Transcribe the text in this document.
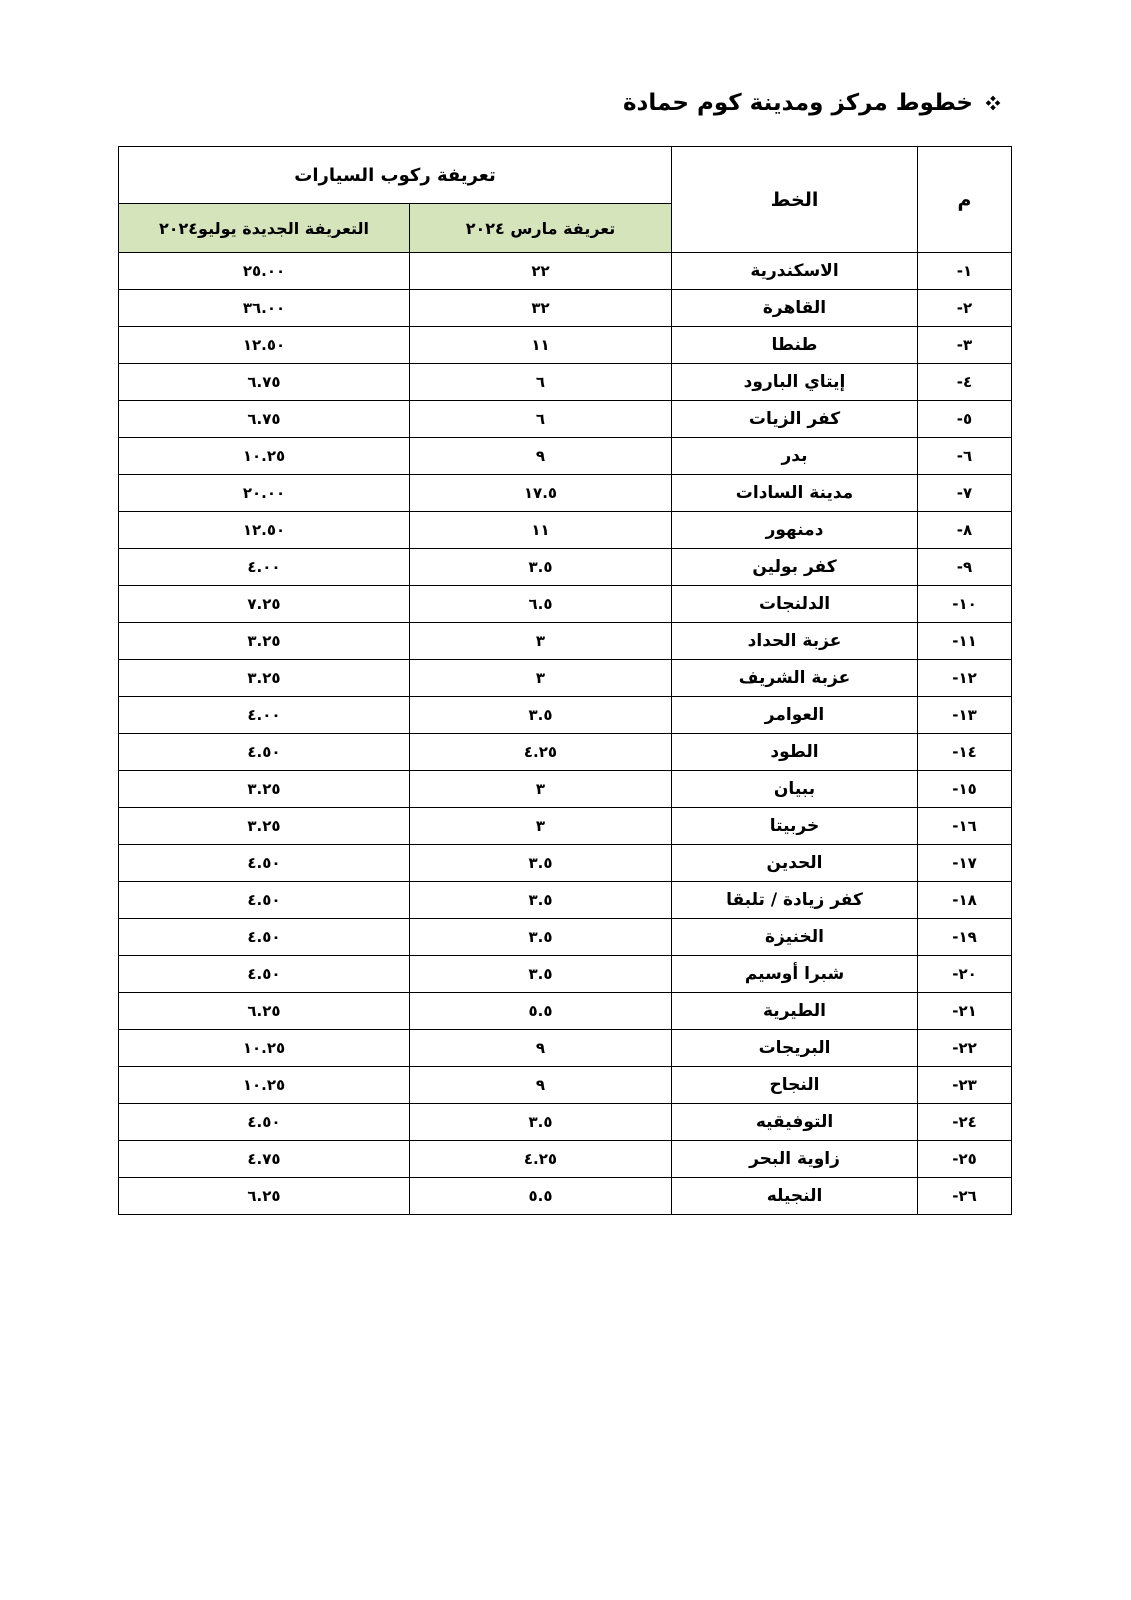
خطوط مركز ومدينة كوم حمادة
م	الخط	تعريفة ركوب السيارات	
		تعريفة مارس ٢٠٢٤	التعريفة الجديدة يوليو٢٠٢٤
١-	الاسكندرية	٢٢	٢٥.٠٠
٢-	القاهرة	٣٢	٣٦.٠٠
٣-	طنطا	١١	١٢.٥٠
٤-	إيتاي البارود	٦	٦.٧٥
٥-	كفر الزيات	٦	٦.٧٥
٦-	بدر	٩	١٠.٢٥
٧-	مدينة السادات	١٧.٥	٢٠.٠٠
٨-	دمنهور	١١	١٢.٥٠
٩-	كفر بولين	٣.٥	٤.٠٠
١٠-	الدلنجات	٦.٥	٧.٢٥
١١-	عزبة الحداد	٣	٣.٢٥
١٢-	عزبة الشريف	٣	٣.٢٥
١٣-	العوامر	٣.٥	٤.٠٠
١٤-	الطود	٤.٢٥	٤.٥٠
١٥-	ببيان	٣	٣.٢٥
١٦-	خربيتا	٣	٣.٢٥
١٧-	الحدين	٣.٥	٤.٥٠
١٨-	كفر زيادة / تلبقا	٣.٥	٤.٥٠
١٩-	الخنيزة	٣.٥	٤.٥٠
٢٠-	شبرا أوسيم	٣.٥	٤.٥٠
٢١-	الطيرية	٥.٥	٦.٢٥
٢٢-	البريجات	٩	١٠.٢٥
٢٣-	النجاح	٩	١٠.٢٥
٢٤-	التوفيقيه	٣.٥	٤.٥٠
٢٥-	زاوية البحر	٤.٢٥	٤.٧٥
٢٦-	النجيله	٥.٥	٦.٢٥
